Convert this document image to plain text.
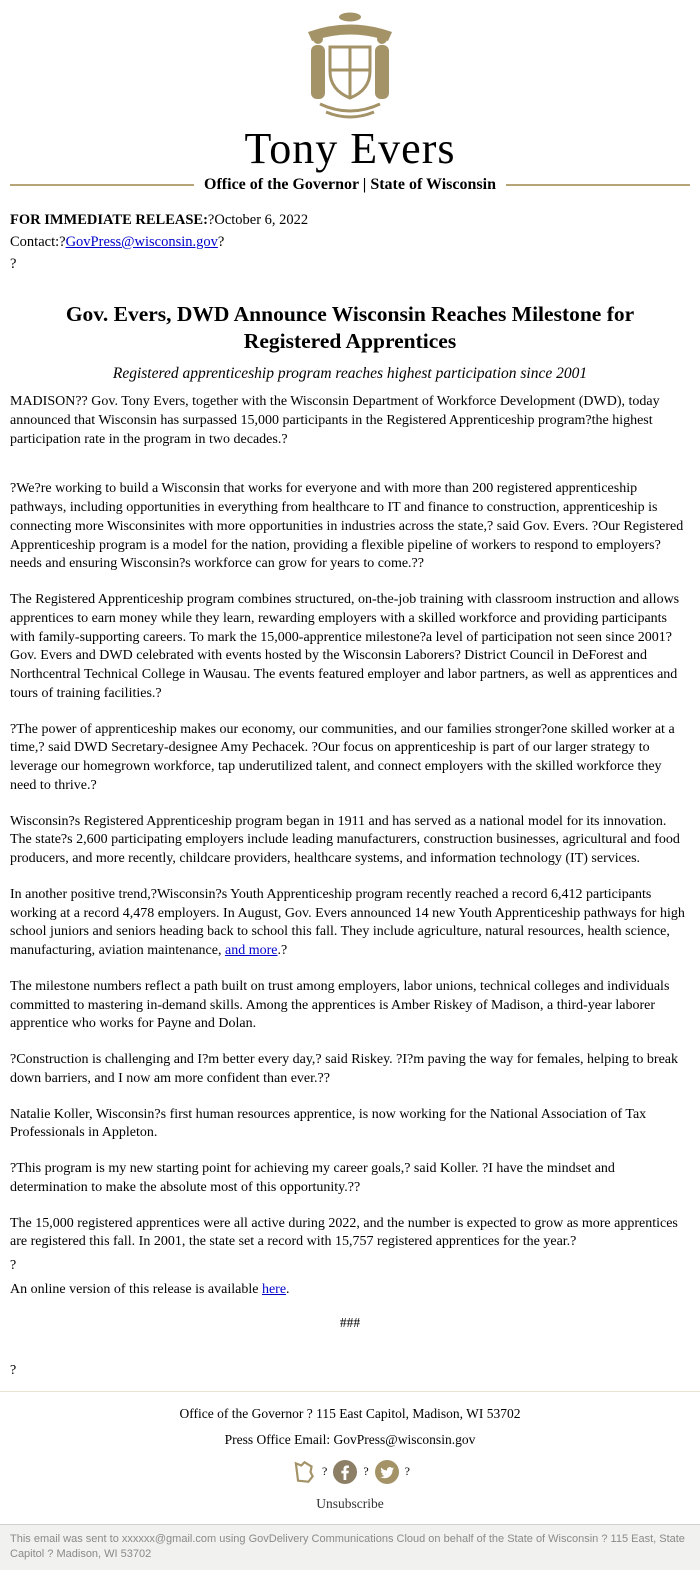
Tony Evers
Office of the Governor | State of Wisconsin
FOR IMMEDIATE RELEASE:?October 6, 2022
Contact:?GovPress@wisconsin.gov?
?
Gov. Evers, DWD Announce Wisconsin Reaches Milestone for Registered Apprentices
Registered apprenticeship program reaches highest participation since 2001

MADISON?? Gov. Tony Evers, together with the Wisconsin Department of Workforce Development (DWD), today announced that Wisconsin has surpassed 15,000 participants in the Registered Apprenticeship program?the highest participation rate in the program in two decades.?

?We?re working to build a Wisconsin that works for everyone and with more than 200 registered apprenticeship pathways, including opportunities in everything from healthcare to IT and finance to construction, apprenticeship is connecting more Wisconsinites with more opportunities in industries across the state,? said Gov. Evers. ?Our Registered Apprenticeship program is a model for the nation, providing a flexible pipeline of workers to respond to employers? needs and ensuring Wisconsin?s workforce can grow for years to come.??

The Registered Apprenticeship program combines structured, on-the-job training with classroom instruction and allows apprentices to earn money while they learn, rewarding employers with a skilled workforce and providing participants with family-supporting careers. To mark the 15,000-apprentice milestone?a level of participation not seen since 2001?Gov. Evers and DWD celebrated with events hosted by the Wisconsin Laborers? District Council in DeForest and Northcentral Technical College in Wausau. The events featured employer and labor partners, as well as apprentices and tours of training facilities.?

?The power of apprenticeship makes our economy, our communities, and our families stronger?one skilled worker at a time,? said DWD Secretary-designee Amy Pechacek. ?Our focus on apprenticeship is part of our larger strategy to leverage our homegrown workforce, tap underutilized talent, and connect employers with the skilled workforce they need to thrive.?

Wisconsin?s Registered Apprenticeship program began in 1911 and has served as a national model for its innovation. The state?s 2,600 participating employers include leading manufacturers, construction businesses, agricultural and food producers, and more recently, childcare providers, healthcare systems, and information technology (IT) services.

In another positive trend,?Wisconsin?s Youth Apprenticeship program recently reached a record 6,412 participants working at a record 4,478 employers. In August, Gov. Evers announced 14 new Youth Apprenticeship pathways for high school juniors and seniors heading back to school this fall. They include agriculture, natural resources, health science, manufacturing, aviation maintenance, and more.?

The milestone numbers reflect a path built on trust among employers, labor unions, technical colleges and individuals committed to mastering in-demand skills. Among the apprentices is Amber Riskey of Madison, a third-year laborer apprentice who works for Payne and Dolan.

?Construction is challenging and I?m better every day,? said Riskey. ?I?m paving the way for females, helping to break down barriers, and I now am more confident than ever.??

Natalie Koller, Wisconsin?s first human resources apprentice, is now working for the National Association of Tax Professionals in Appleton.

?This program is my new starting point for achieving my career goals,? said Koller. ?I have the mindset and determination to make the absolute most of this opportunity.??

The 15,000 registered apprentices were all active during 2022, and the number is expected to grow as more apprentices are registered this fall. In 2001, the state set a record with 15,757 registered apprentices for the year.?

?

An online version of this release is available here.

###

?

Office of the Governor ? 115 East Capitol, Madison, WI 53702
Press Office Email: GovPress@wisconsin.gov
?	?	?
Unsubscribe
This email was sent to xxxxxx@gmail.com using GovDelivery Communications Cloud on behalf of the State of Wisconsin ? 115 East, State Capitol ? Madison, WI 53702
